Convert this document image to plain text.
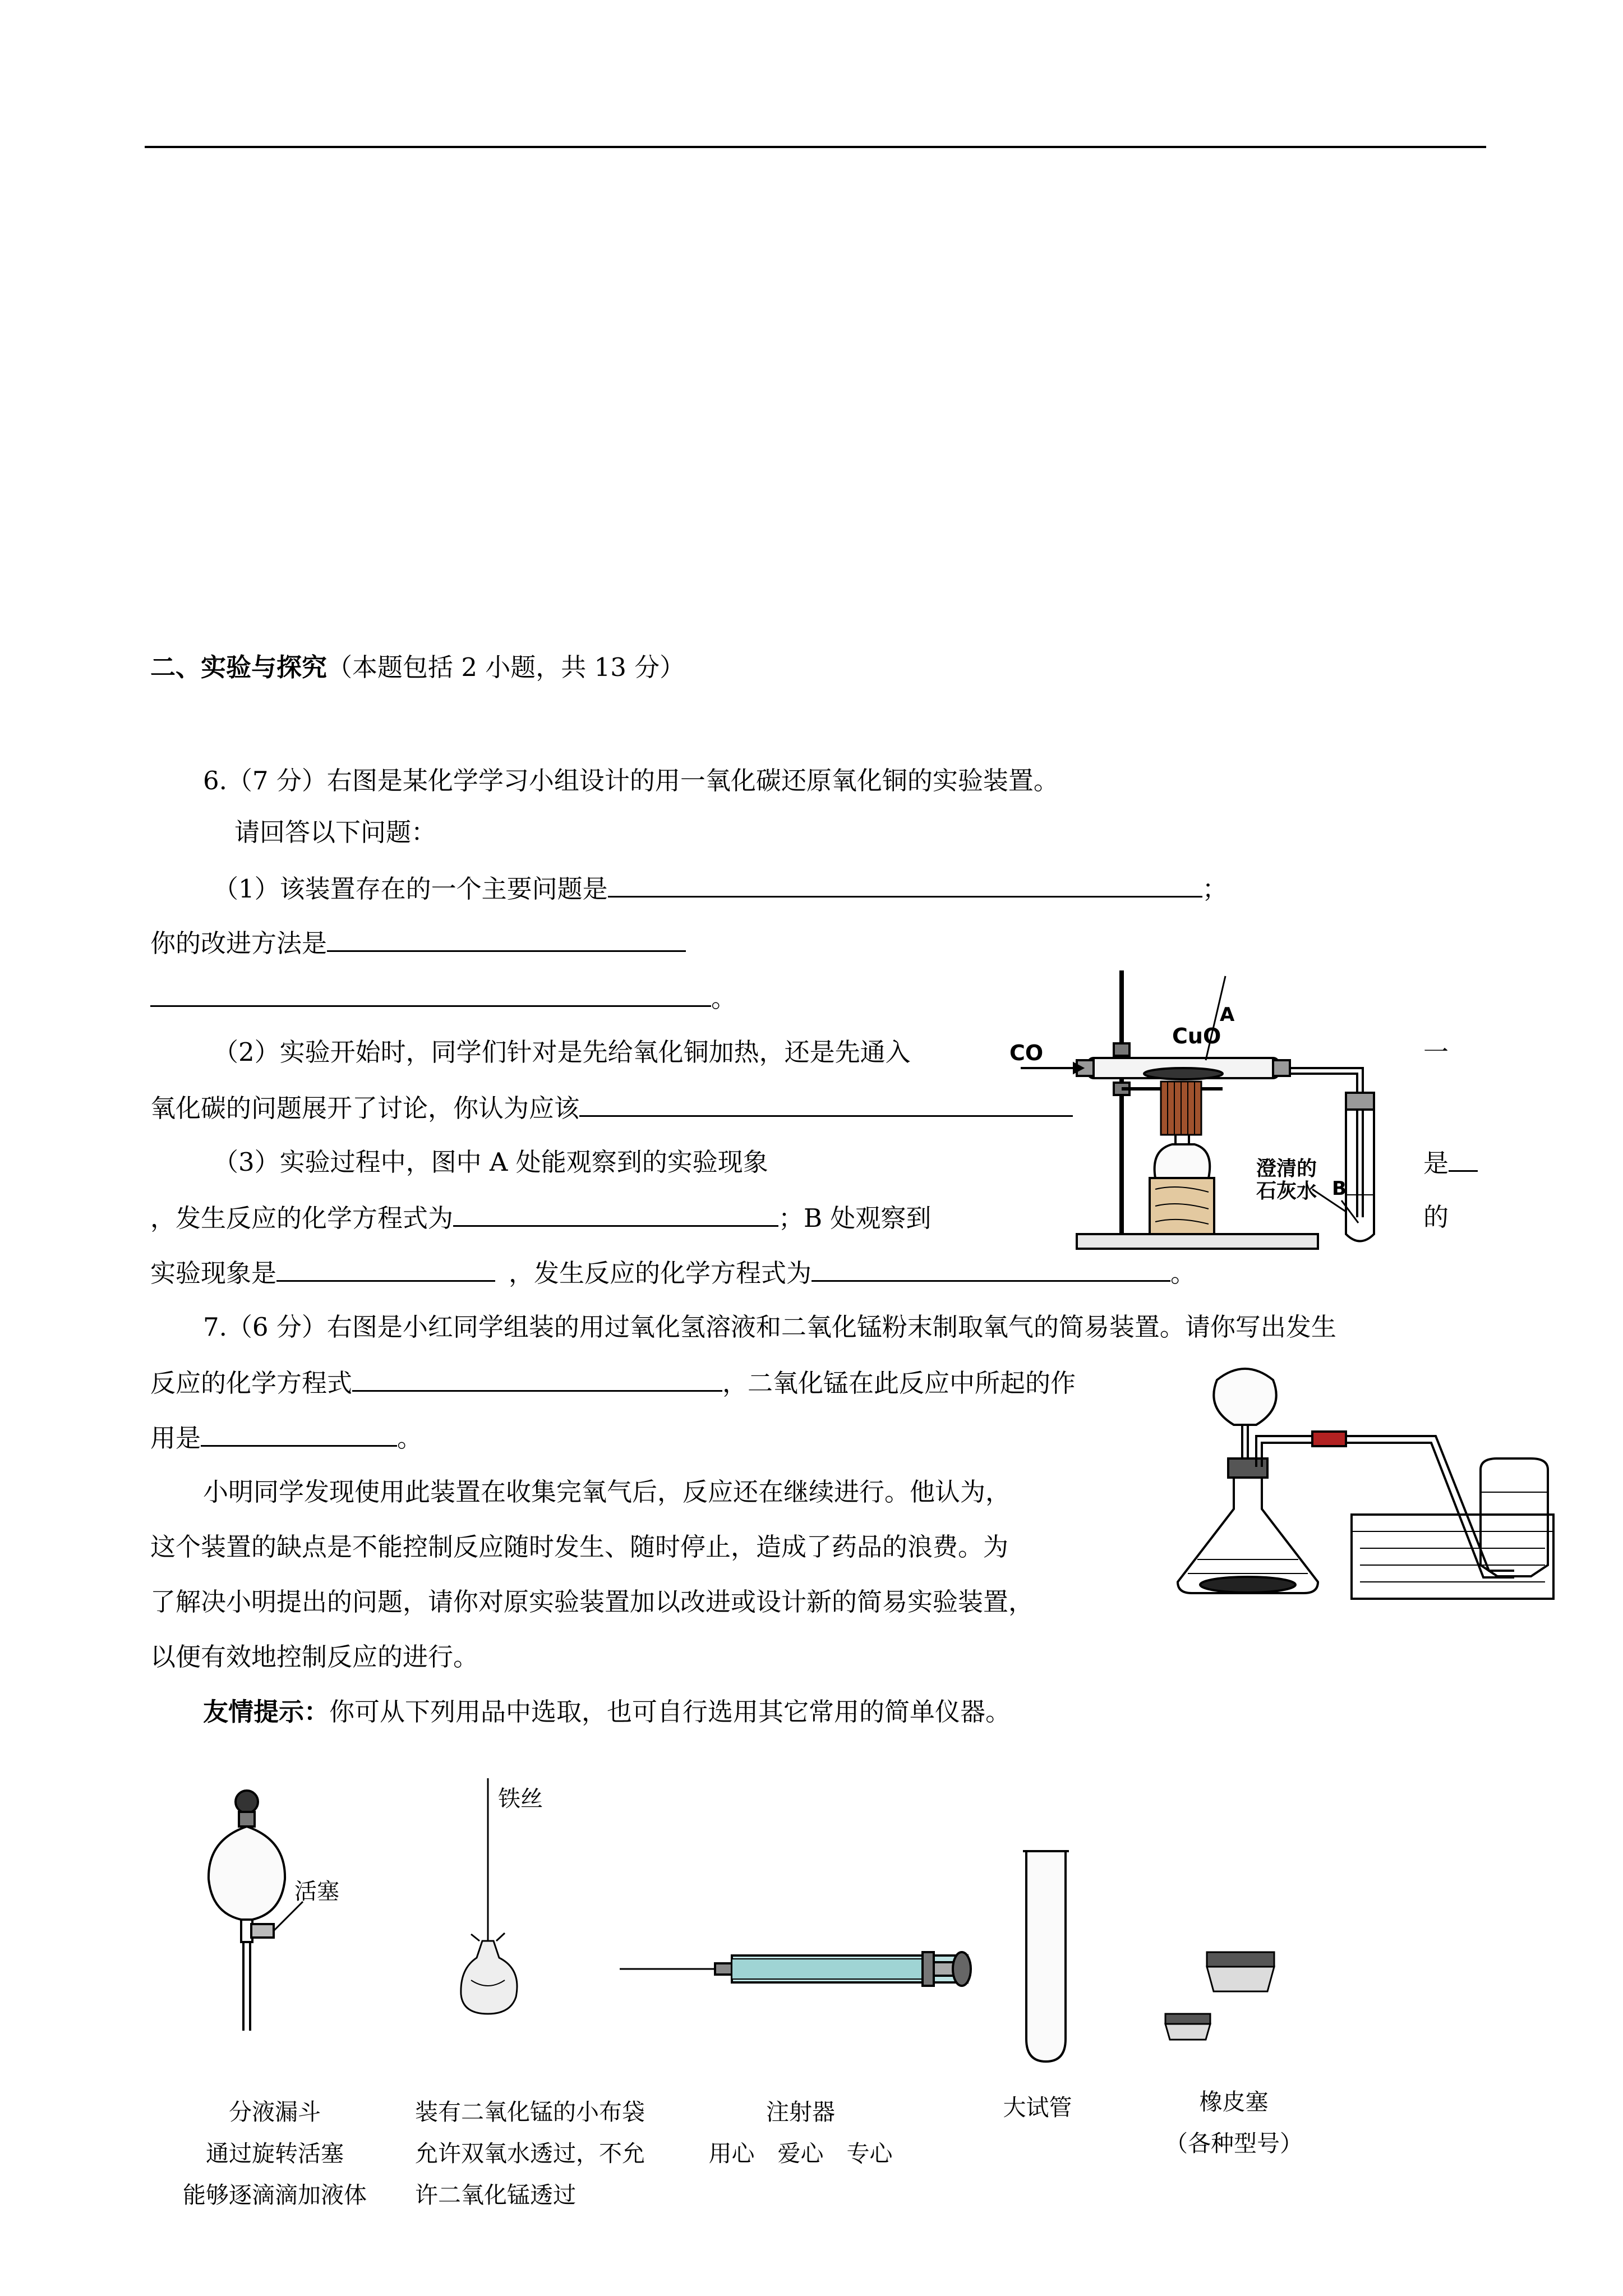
二、实验与探究（本题包括 2 小题，共 13 分）
6.（7 分）右图是某化学学习小组设计的用一氧化碳还原氧化铜的实验装置。
请回答以下问题：
（1）该装置存在的一个主要问题是	；
你的改进方法是
。
（2）实验开始时，同学们针对是先给氧化铜加热，还是先通入	一
氧化碳的问题展开了讨论，你认为应该
（3）实验过程中，图中 A 处能观察到的实验现象	是
，发生反应的化学方程式为	；B 处观察到	的
实验现象是	，发生反应的化学方程式为	。
CO
CuO
A
B
澄清的
石灰水
7.（6 分）右图是小红同学组装的用过氧化氢溶液和二氧化锰粉末制取氧气的简易装置。请你写出发生
反应的化学方程式	，二氧化锰在此反应中所起的作
用是	。
小明同学发现使用此装置在收集完氧气后，反应还在继续进行。他认为，
这个装置的缺点是不能控制反应随时发生、随时停止，造成了药品的浪费。为
了解决小明提出的问题，请你对原实验装置加以改进或设计新的简易实验装置，
以便有效地控制反应的进行。
友情提示：你可从下列用品中选取，也可自行选用其它常用的简单仪器。
活塞
铁丝
分液漏斗
通过旋转活塞
能够逐滴滴加液体
装有二氧化锰的小布袋
允许双氧水透过，不允
许二氧化锰透过
注射器
用心　爱心　专心
大试管	橡皮塞
（各种型号）
